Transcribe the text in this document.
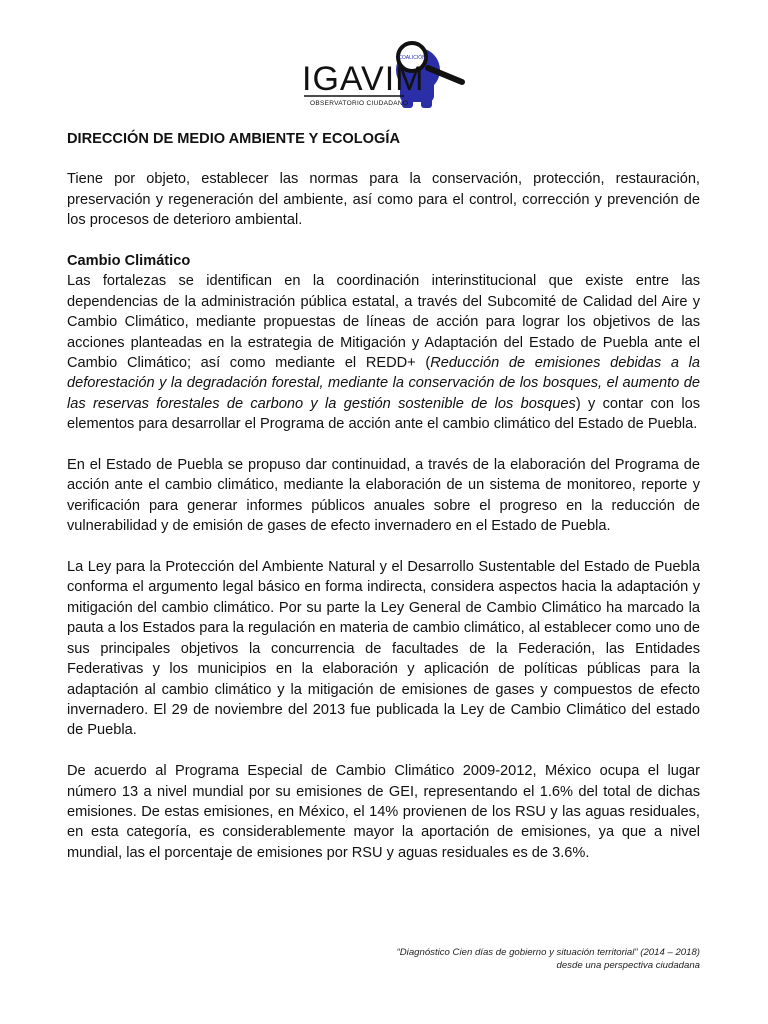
COALICIÓN
IGAVIM
OBSERVATORIO CIUDADANO
DIRECCIÓN DE MEDIO AMBIENTE Y ECOLOGÍA

Tiene por objeto, establecer las normas para la conservación, protección, restauración, preservación y regeneración del ambiente, así como para el control, corrección y prevención de los procesos de deterioro ambiental.

Cambio Climático

Las fortalezas se identifican en la coordinación interinstitucional que existe entre las dependencias de la administración pública estatal, a través del Subcomité de Calidad del Aire y Cambio Climático, mediante propuestas de líneas de acción para lograr los objetivos de las acciones planteadas en la estrategia de Mitigación y Adaptación del Estado de Puebla ante el Cambio Climático; así como mediante el REDD+ (Reducción de emisiones debidas a la deforestación y la degradación forestal, mediante la conservación de los bosques, el aumento de las reservas forestales de carbono y la gestión sostenible de los bosques) y contar con los elementos para desarrollar el Programa de acción ante el cambio climático del Estado de Puebla.

En el Estado de Puebla se propuso dar continuidad, a través de la elaboración del Programa de acción ante el cambio climático, mediante la elaboración de un sistema de monitoreo, reporte y verificación para generar informes públicos anuales sobre el progreso en la reducción de vulnerabilidad y de emisión de gases de efecto invernadero en el Estado de Puebla.

La Ley para la Protección del Ambiente Natural y el Desarrollo Sustentable del Estado de Puebla conforma el argumento legal básico en forma indirecta, considera aspectos hacia la adaptación y mitigación del cambio climático. Por su parte la Ley General de Cambio Climático ha marcado la pauta a los Estados para la regulación en materia de cambio climático, al establecer como uno de sus principales objetivos la concurrencia de facultades de la Federación, las Entidades Federativas y los municipios en la elaboración y aplicación de políticas públicas para la adaptación al cambio climático y la mitigación de emisiones de gases y compuestos de efecto invernadero. El 29 de noviembre del 2013 fue publicada la Ley de Cambio Climático del estado de Puebla.

De acuerdo al Programa Especial de Cambio Climático 2009-2012, México ocupa el lugar número 13 a nivel mundial por su emisiones de GEI, representando el 1.6% del total de dichas emisiones. De estas emisiones, en México, el 14% provienen de los RSU y las aguas residuales, en esta categoría, es considerablemente mayor la aportación de emisiones, ya que a nivel mundial, las el porcentaje de emisiones por RSU y aguas residuales es de 3.6%.

“Diagnóstico Cien días de gobierno y situación territorial” (2014 – 2018)
desde una perspectiva ciudadana
